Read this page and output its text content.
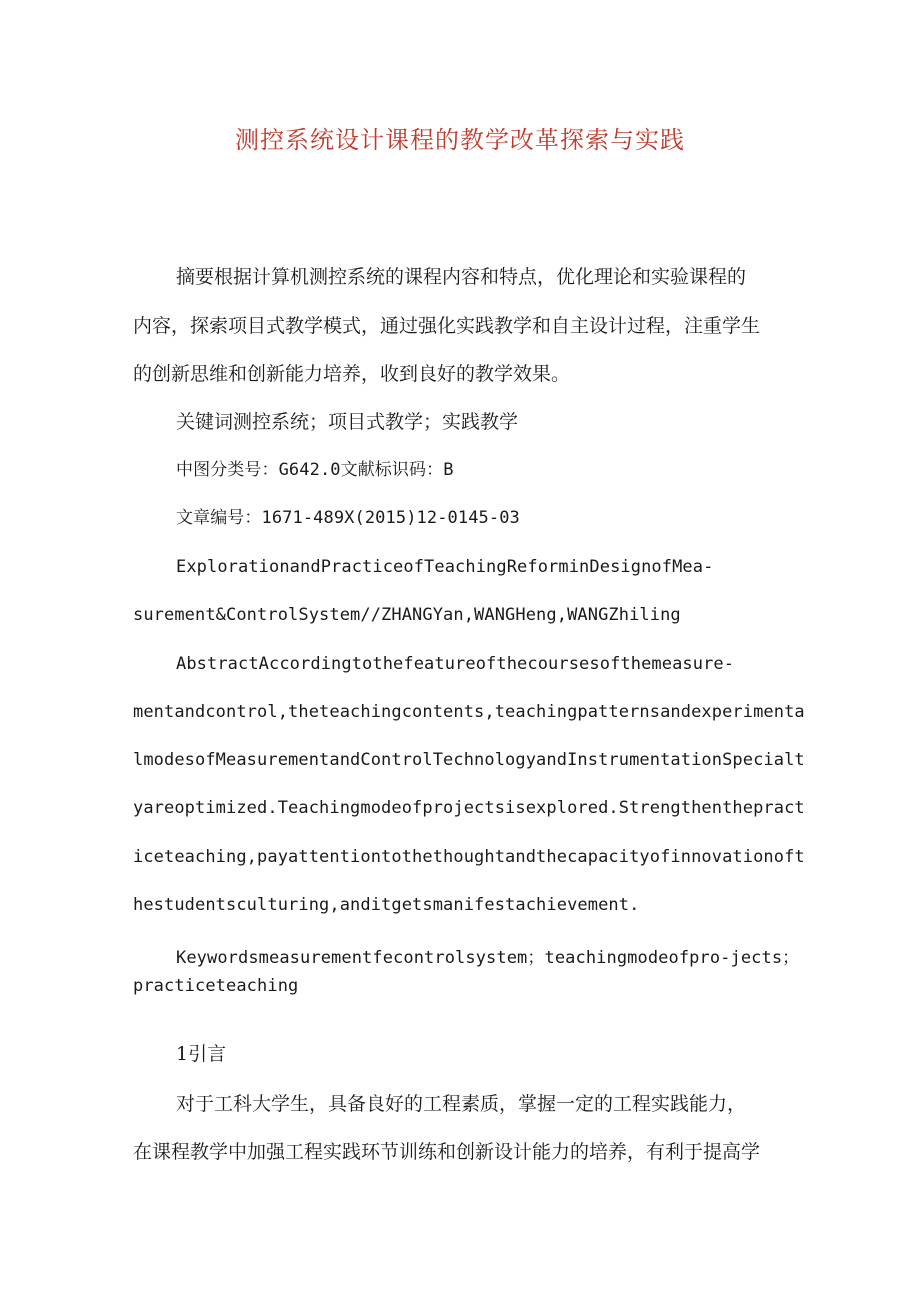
测控系统设计课程的教学改革探索与实践

摘要根据计算机测控系统的课程内容和特点，优化理论和实验课程的

内容，探索项目式教学模式，通过强化实践教学和自主设计过程，注重学生

的创新思维和创新能力培养，收到良好的教学效果。

关键词测控系统；项目式教学；实践教学

中图分类号：G642.0文献标识码：B

文章编号：1671-489X(2015)12-0145-03

ExplorationandPracticeofTeachingReforminDesignofMea-

surement&ControlSystem//ZHANGYan,WANGHeng,WANGZhiling

AbstractAccordingtothefeatureofthecoursesofthemeasure-

mentandcontrol,theteachingcontents,teachingpatternsandexperimenta

lmodesofMeasurementandControlTechnologyandInstrumentationSpecialt

yareoptimized.Teachingmodeofprojectsisexplored.Strengthenthepract

iceteaching,payattentiontothethoughtandthecapacityofinnovationoft

hestudentsculturing,anditgetsmanifestachievement.

Keywordsmeasurementfecontrolsystem；teachingmodeofpro-jects；

practiceteaching

1引言

对于工科大学生，具备良好的工程素质，掌握一定的工程实践能力，

在课程教学中加强工程实践环节训练和创新设计能力的培养，有利于提高学
